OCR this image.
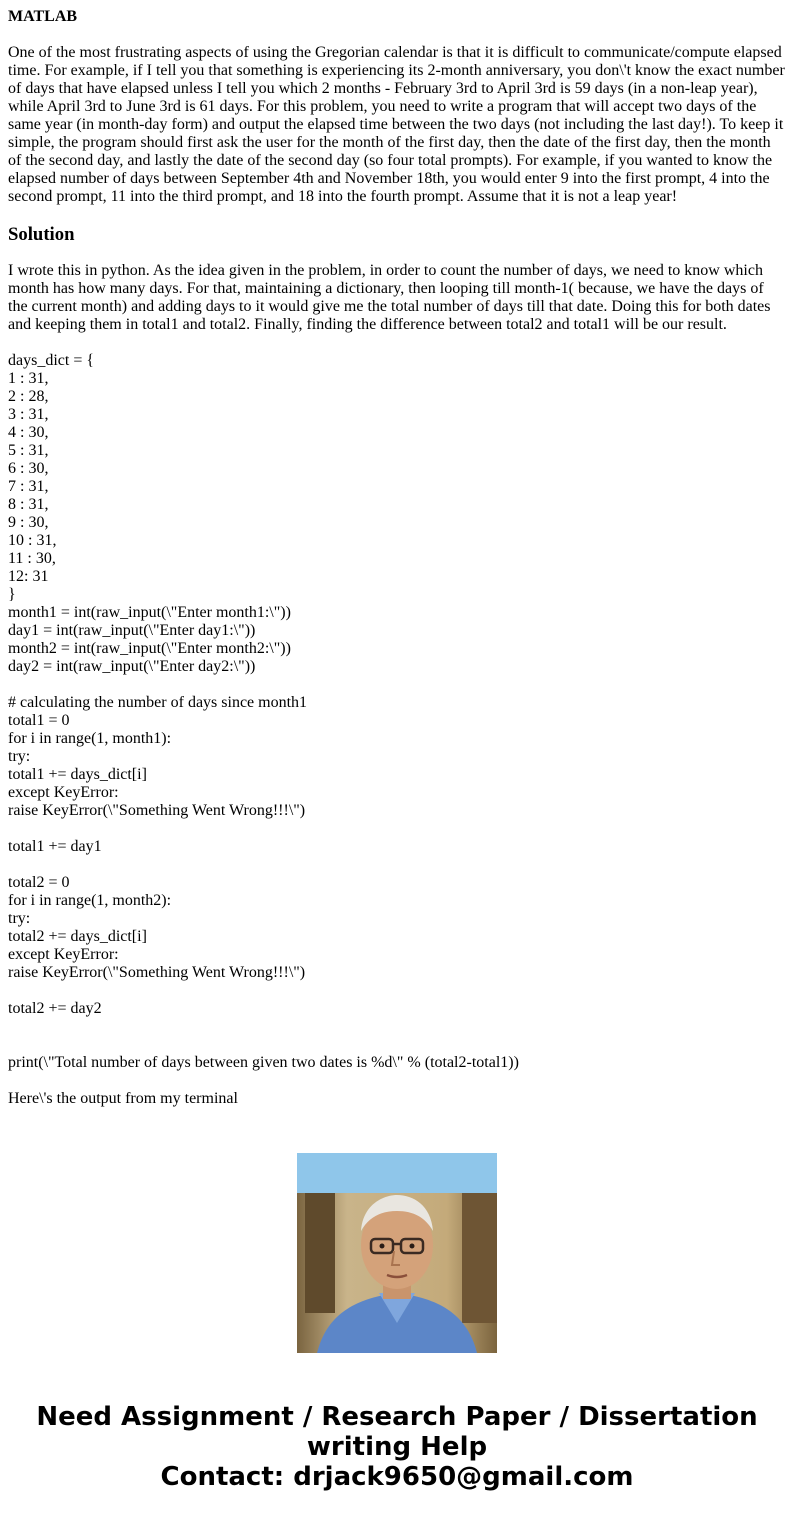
MATLAB

One of the most frustrating aspects of using the Gregorian calendar is that it is difficult to communicate/compute elapsed time. For example, if I tell you that something is experiencing its 2-month anniversary, you don\'t know the exact number of days that have elapsed unless I tell you which 2 months - February 3rd to April 3rd is 59 days (in a non-leap year), while April 3rd to June 3rd is 61 days. For this problem, you need to write a program that will accept two days of the same year (in month-day form) and output the elapsed time between the two days (not including the last day!). To keep it simple, the program should first ask the user for the month of the first day, then the date of the first day, then the month of the second day, and lastly the date of the second day (so four total prompts). For example, if you wanted to know the elapsed number of days between September 4th and November 18th, you would enter 9 into the first prompt, 4 into the second prompt, 11 into the third prompt, and 18 into the fourth prompt. Assume that it is not a leap year!

Solution

I wrote this in python. As the idea given in the problem, in order to count the number of days, we need to know which month has how many days. For that, maintaining a dictionary, then looping till month-1( because, we have the days of the current month) and adding days to it would give me the total number of days till that date. Doing this for both dates and keeping them in total1 and total2. Finally, finding the difference between total2 and total1 will be our result.

days_dict = {
1 : 31,
2 : 28,
3 : 31,
4 : 30,
5 : 31,
6 : 30,
7 : 31,
8 : 31,
9 : 30,
10 : 31,
11 : 30,
12: 31
}
month1 = int(raw_input(\"Enter month1:\"))
day1 = int(raw_input(\"Enter day1:\"))
month2 = int(raw_input(\"Enter month2:\"))
day2 = int(raw_input(\"Enter day2:\"))
# calculating the number of days since month1
total1 = 0
for i in range(1, month1):
try:
total1 += days_dict[i]
except KeyError:
raise KeyError(\"Something Went Wrong!!!\")
total1 += day1
total2 = 0
for i in range(1, month2):
try:
total2 += days_dict[i]
except KeyError:
raise KeyError(\"Something Went Wrong!!!\")
total2 += day2
print(\"Total number of days between given two dates is %d\" % (total2-total1))

Here\'s the output from my terminal

Need Assignment / Research Paper / Dissertation
writing Help
Contact: drjack9650@gmail.com
